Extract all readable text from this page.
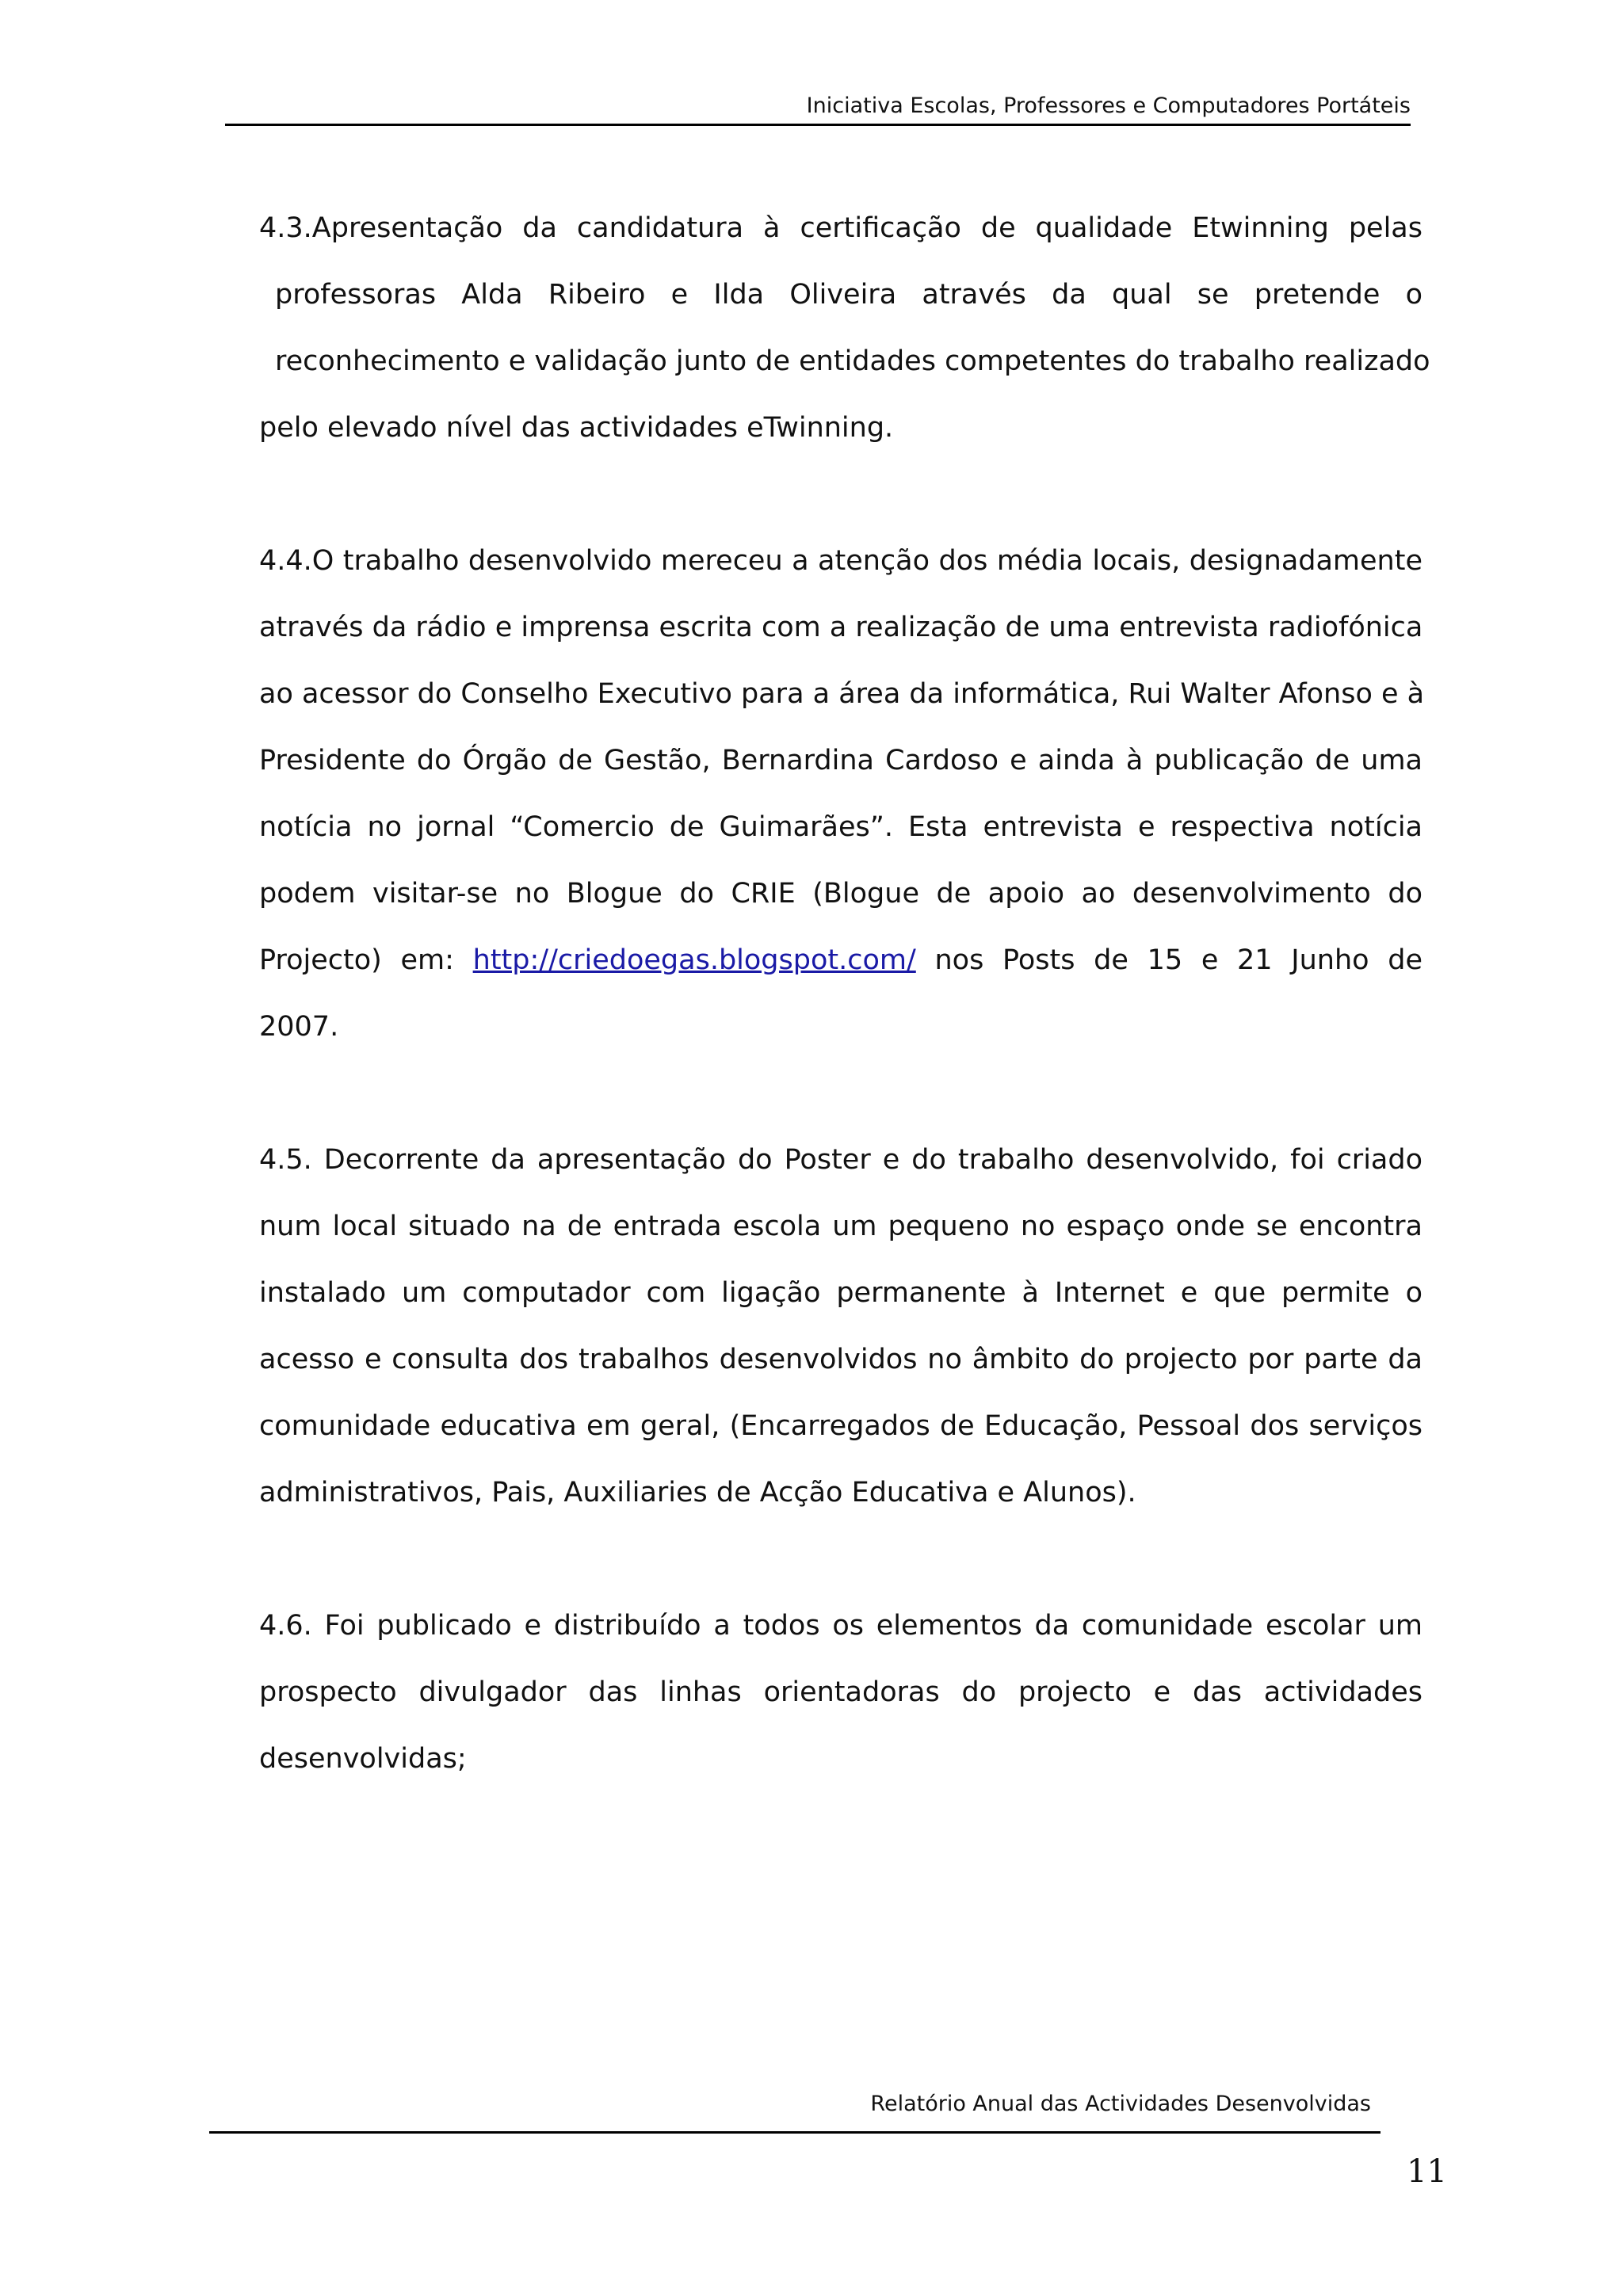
Iniciativa Escolas, Professores e Computadores Portáteis
4.3.Apresentação da candidatura à certificação de qualidade Etwinning pelas
professoras Alda Ribeiro e Ilda Oliveira através da qual se pretende o
reconhecimento e validação junto de entidades competentes do trabalho realizado
pelo elevado nível das actividades eTwinning.
4.4.O trabalho desenvolvido mereceu a atenção dos média locais, designadamente
através da rádio e imprensa escrita com a realização de uma entrevista radiofónica
ao acessor do Conselho Executivo para a área da informática, Rui Walter Afonso e à
Presidente do Órgão de Gestão, Bernardina Cardoso e ainda à publicação de uma
notícia no jornal “Comercio de Guimarães”. Esta entrevista e respectiva notícia
podem visitar-se no Blogue do CRIE (Blogue de apoio ao desenvolvimento do
Projecto) em: http://criedoegas.blogspot.com/ nos Posts de 15 e 21 Junho de
2007.
4.5. Decorrente da apresentação do Poster e do trabalho desenvolvido, foi criado
num local situado na de entrada escola um pequeno no espaço onde se encontra
instalado um computador com ligação permanente à Internet e que permite o
acesso e consulta dos trabalhos desenvolvidos no âmbito do projecto por parte da
comunidade educativa em geral, (Encarregados de Educação, Pessoal dos serviços
administrativos, Pais, Auxiliaries de Acção Educativa e Alunos).
4.6. Foi publicado e distribuído a todos os elementos da comunidade escolar um
prospecto divulgador das linhas orientadoras do projecto e das actividades
desenvolvidas;
Relatório Anual das Actividades Desenvolvidas
11
